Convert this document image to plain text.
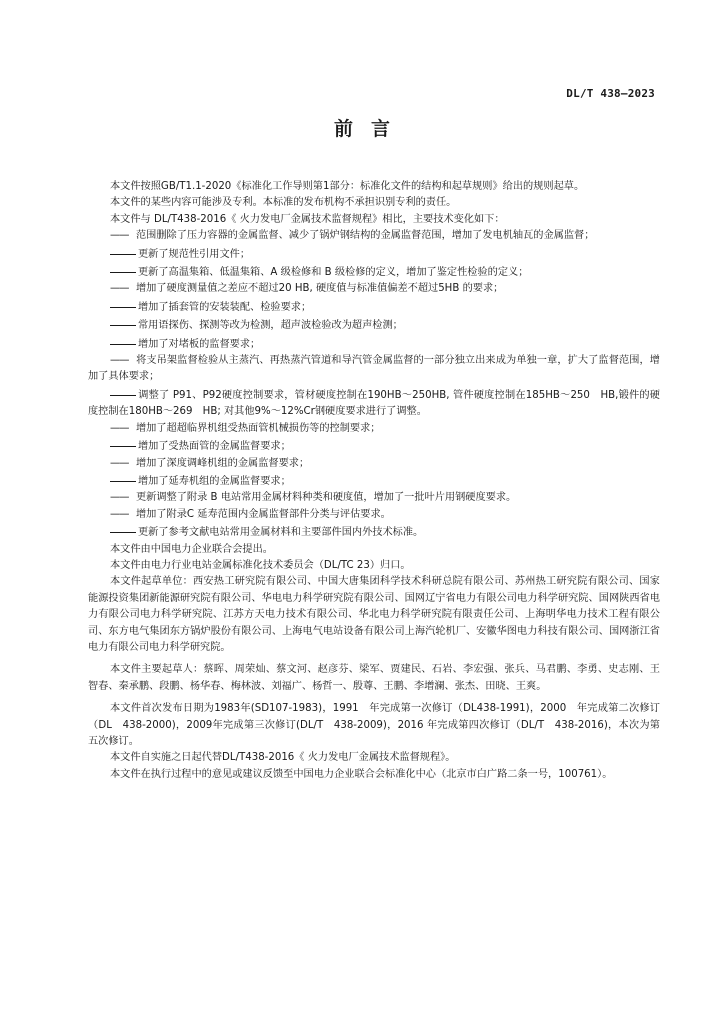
DL/T 438—2023
前言

本文件按照GB/T1.1-2020《标准化工作导则第1部分：标准化文件的结构和起草规则》给出的规则起草。

本文件的某些内容可能涉及专利。本标准的发布机构不承担识别专利的责任。

本文件与 DL/T438-2016《 火力发电厂金属技术监督规程》相比，主要技术变化如下：

—— 范围删除了压力容器的金属监督、减少了锅炉钢结构的金属监督范围，增加了发电机轴瓦的金属监督；

更新了规范性引用文件；

更新了高温集箱、低温集箱、A 级检修和 B 级检修的定义，增加了鉴定性检验的定义；

—— 增加了硬度测量值之差应不超过20 HB, 硬度值与标准值偏差不超过5HB 的要求；

增加了插套管的安装装配、检验要求；

常用语探伤、探测等改为检测，超声波检验改为超声检测；

增加了对堵板的监督要求；

—— 将支吊架监督检验从主蒸汽、再热蒸汽管道和导汽管金属监督的一部分独立出来成为单独一章，扩大了监督范围，增加了具体要求；

调整了 P91、P92硬度控制要求，管材硬度控制在190HB～250HB, 管件硬度控制在185HB～250　HB,锻件的硬度控制在180HB～269　HB; 对其他9%～12%Cr钢硬度要求进行了调整。

—— 增加了超超临界机组受热面管机械损伤等的控制要求；

增加了受热面管的金属监督要求；

—— 增加了深度调峰机组的金属监督要求；

增加了延寿机组的金属监督要求；

—— 更新调整了附录 B 电站常用金属材料种类和硬度值，增加了一批叶片用钢硬度要求。

—— 增加了附录C 延寿范围内金属监督部件分类与评估要求。

更新了参考文献电站常用金属材料和主要部件国内外技术标准。

本文件由中国电力企业联合会提出。

本文件由电力行业电站金属标准化技术委员会（DL/TC 23）归口。

本文件起草单位：西安热工研究院有限公司、中国大唐集团科学技术科研总院有限公司、苏州热工研究院有限公司、国家能源投资集团新能源研究院有限公司、华电电力科学研究院有限公司、国网辽宁省电力有限公司电力科学研究院、国网陕西省电力有限公司电力科学研究院、江苏方天电力技术有限公司、华北电力科学研究院有限责任公司、上海明华电力技术工程有限公司、东方电气集团东方锅炉股份有限公司、上海电气电站设备有限公司上海汽轮机厂、安徽华图电力科技有限公司、国网浙江省电力有限公司电力科学研究院。

本文件主要起草人：蔡晖、周荣灿、蔡文河、赵彦芬、梁军、贾建民、石岩、李宏强、张兵、马君鹏、李勇、史志刚、王智春、秦承鹏、段鹏、杨华春、梅林波、刘福广、杨哲一、殷尊、王鹏、李增澜、张杰、田晓、王爽。

本文件首次发布日期为1983年(SD107-1983)，1991　年完成第一次修订（DL438-1991)，2000　年完成第二次修订（DL　438-2000)，2009年完成第三次修订(DL/T　438-2009)，2016 年完成第四次修订（DL/T　438-2016)，本次为第五次修订。

本文件自实施之日起代替DL/T438-2016《 火力发电厂金属技术监督规程》。

本文件在执行过程中的意见或建议反馈至中国电力企业联合会标准化中心（北京市白广路二条一号，100761）。
